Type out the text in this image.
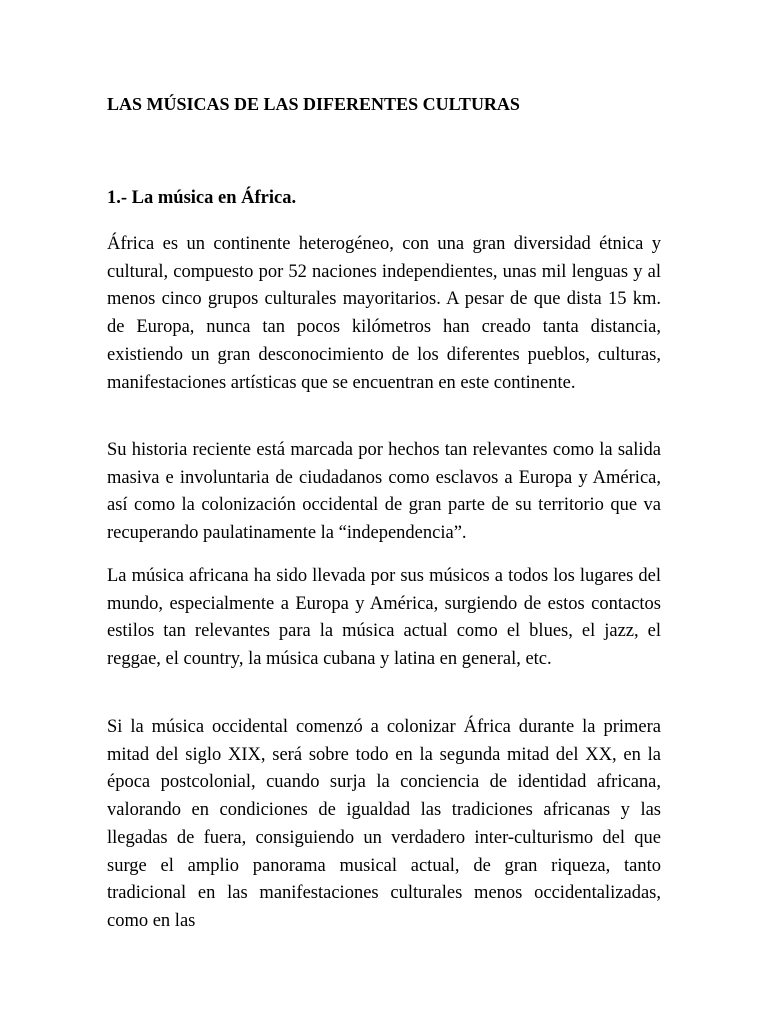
LAS MÚSICAS DE LAS DIFERENTES CULTURAS
1.- La música en África.

África es un continente heterogéneo, con una gran diversidad étnica y cultural, compuesto por 52 naciones independientes, unas mil lenguas y al menos cinco grupos culturales mayoritarios. A pesar de que dista 15 km. de Europa, nunca tan pocos kilómetros han creado tanta distancia, existiendo un gran desconocimiento de los diferentes pueblos, culturas, manifestaciones artísticas que se encuentran en este continente.

Su historia reciente está marcada por hechos tan relevantes como la salida masiva e involuntaria de ciudadanos como esclavos a Europa y América, así como la colonización occidental de gran parte de su territorio que va recuperando paulatinamente la “independencia”.

La música africana ha sido llevada por sus músicos a todos los lugares del mundo, especialmente a Europa y América, surgiendo de estos contactos estilos tan relevantes para la música actual como el blues, el jazz, el reggae, el country, la música cubana y latina en general, etc.

Si la música occidental comenzó a colonizar África durante la primera mitad del siglo XIX, será sobre todo en la segunda mitad del XX, en la época postcolonial, cuando surja la conciencia de identidad africana, valorando en condiciones de igualdad las tradiciones africanas y las llegadas de fuera, consiguiendo un verdadero inter-culturismo del que surge el amplio panorama musical actual, de gran riqueza, tanto tradicional en las manifestaciones culturales menos occidentalizadas, como en las
